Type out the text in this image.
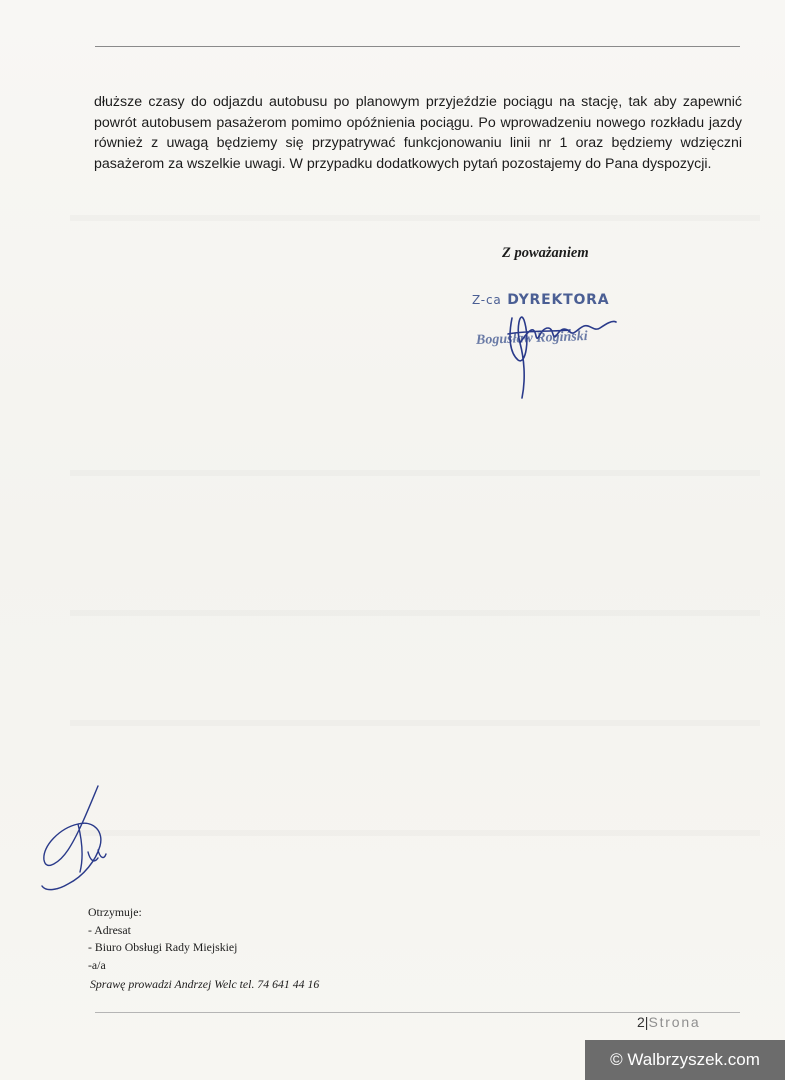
dłuższe czasy do odjazdu autobusu po planowym przyjeździe pociągu na stację, tak aby zapewnić powrót autobusem pasażerom pomimo opóźnienia pociągu. Po wprowadzeniu nowego rozkładu jazdy również z uwagą będziemy się przypatrywać funkcjonowaniu linii nr 1 oraz będziemy wdzięczni pasażerom za wszelkie uwagi. W przypadku dodatkowych pytań pozostajemy do Pana dyspozycji.

Z poważaniem
Z-ca DYREKTORA
Bogusław Rogiński
Otrzymuje:
- Adresat
- Biuro Obsługi Rady Miejskiej
-a/a
Sprawę prowadzi Andrzej Welc tel. 74 641 44 16
2|Strona
© Walbrzyszek.com
